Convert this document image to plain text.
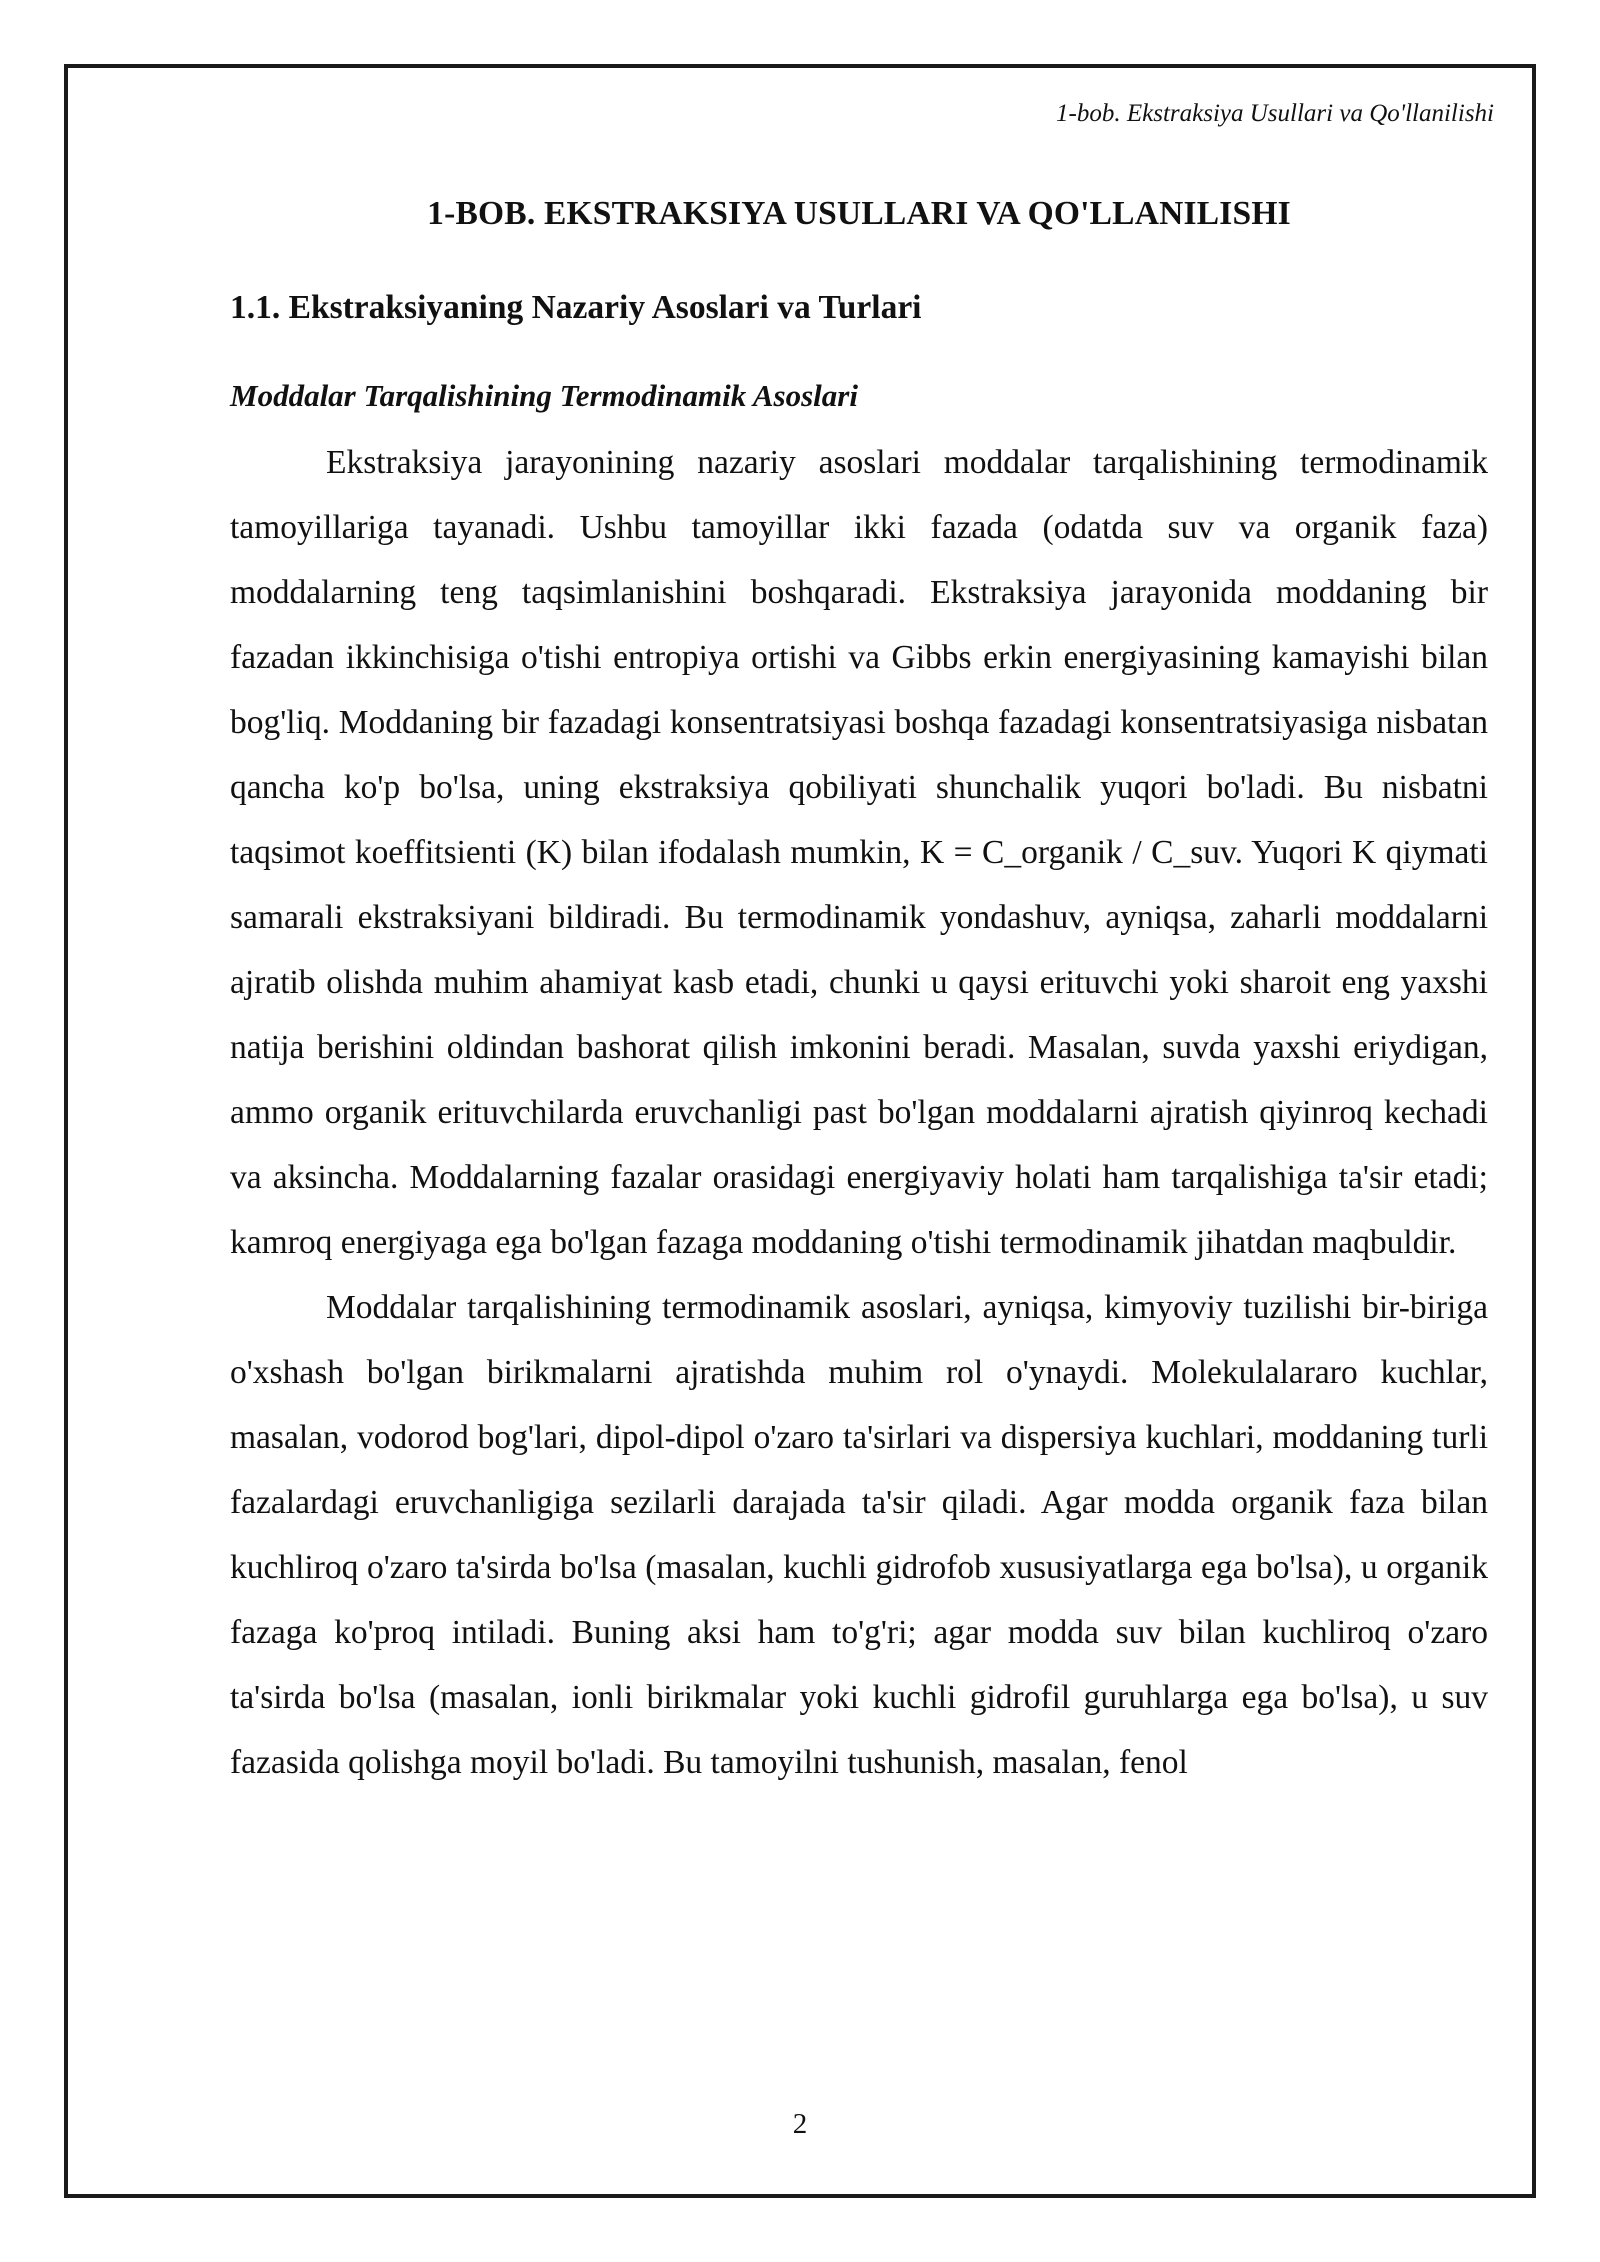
1-bob. Ekstraksiya Usullari va Qo'llanilishi
1-BOB. EKSTRAKSIYA USULLARI VA QO'LLANILISHI
1.1. Ekstraksiyaning Nazariy Asoslari va Turlari
Moddalar Tarqalishining Termodinamik Asoslari

Ekstraksiya jarayonining nazariy asoslari moddalar tarqalishining termodinamik tamoyillariga tayanadi. Ushbu tamoyillar ikki fazada (odatda suv va organik faza) moddalarning teng taqsimlanishini boshqaradi. Ekstraksiya jarayonida moddaning bir fazadan ikkinchisiga o'tishi entropiya ortishi va Gibbs erkin energiyasining kamayishi bilan bog'liq. Moddaning bir fazadagi konsentratsiyasi boshqa fazadagi konsentratsiyasiga nisbatan qancha ko'p bo'lsa, uning ekstraksiya qobiliyati shunchalik yuqori bo'ladi. Bu nisbatni taqsimot koeffitsienti (K) bilan ifodalash mumkin, K = C_organik / C_suv. Yuqori K qiymati samarali ekstraksiyani bildiradi. Bu termodinamik yondashuv, ayniqsa, zaharli moddalarni ajratib olishda muhim ahamiyat kasb etadi, chunki u qaysi erituvchi yoki sharoit eng yaxshi natija berishini oldindan bashorat qilish imkonini beradi. Masalan, suvda yaxshi eriydigan, ammo organik erituvchilarda eruvchanligi past bo'lgan moddalarni ajratish qiyinroq kechadi va aksincha. Moddalarning fazalar orasidagi energiyaviy holati ham tarqalishiga ta'sir etadi; kamroq energiyaga ega bo'lgan fazaga moddaning o'tishi termodinamik jihatdan maqbuldir.

Moddalar tarqalishining termodinamik asoslari, ayniqsa, kimyoviy tuzilishi bir-biriga o'xshash bo'lgan birikmalarni ajratishda muhim rol o'ynaydi. Molekulalararo kuchlar, masalan, vodorod bog'lari, dipol-dipol o'zaro ta'sirlari va dispersiya kuchlari, moddaning turli fazalardagi eruvchanligiga sezilarli darajada ta'sir qiladi. Agar modda organik faza bilan kuchliroq o'zaro ta'sirda bo'lsa (masalan, kuchli gidrofob xususiyatlarga ega bo'lsa), u organik fazaga ko'proq intiladi. Buning aksi ham to'g'ri; agar modda suv bilan kuchliroq o'zaro ta'sirda bo'lsa (masalan, ionli birikmalar yoki kuchli gidrofil guruhlarga ega bo'lsa), u suv fazasida qolishga moyil bo'ladi. Bu tamoyilni tushunish, masalan, fenol

2
